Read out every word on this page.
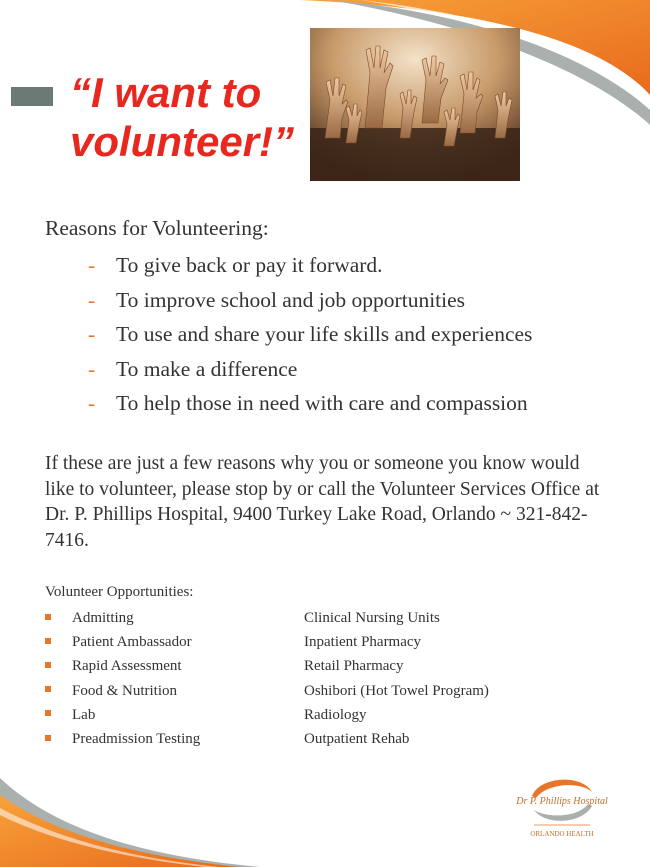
“I want to
volunteer!”
Reasons for Volunteering:
- To give back or pay it forward.
- To improve school and job opportunities
- To use and share your life skills and experiences
- To make a difference
- To help those in need with care and compassion

If these are just a few reasons why you or someone you know would like to volunteer, please stop by or call the Volunteer Services Office at Dr. P. Phillips Hospital, 9400 Turkey Lake Road, Orlando ~ 321-842-7416.

Volunteer Opportunities:
Admitting
Patient Ambassador
Rapid Assessment
Food & Nutrition
Lab
Preadmission Testing
Clinical Nursing Units
Inpatient Pharmacy
Retail Pharmacy
Oshibori (Hot Towel Program)
Radiology
Outpatient Rehab
Dr P. Phillips Hospital
ORLANDO HEALTH
